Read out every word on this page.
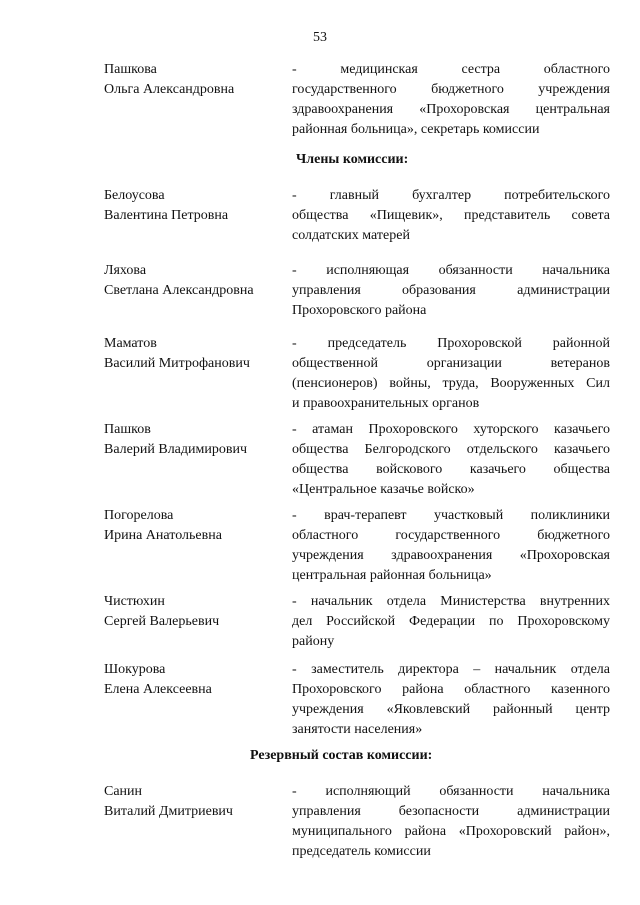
53
Пашкова
Ольга Александровна
- медицинская сестра областного
государственного бюджетного учреждения
здравоохранения «Прохоровская центральная
районная больница», секретарь комиссии
Члены комиссии:
Белоусова
Валентина Петровна
- главный бухгалтер потребительского
общества «Пищевик», представитель совета
солдатских матерей
Ляхова
Светлана Александровна
- исполняющая обязанности начальника
управления образования администрации
Прохоровского района
Маматов
Василий Митрофанович
- председатель Прохоровской районной
общественной организации ветеранов
(пенсионеров) войны, труда, Вооруженных Сил
и правоохранительных органов
Пашков
Валерий Владимирович
- атаман Прохоровского хуторского казачьего
общества Белгородского отдельского казачьего
общества войскового казачьего общества
«Центральное казачье войско»
Погорелова
Ирина Анатольевна
- врач-терапевт участковый поликлиники
областного государственного бюджетного
учреждения здравоохранения «Прохоровская
центральная районная больница»
Чистюхин
Сергей Валерьевич
- начальник отдела Министерства внутренних
дел Российской Федерации по Прохоровскому
району
Шокурова
Елена Алексеевна
- заместитель директора – начальник отдела
Прохоровского района областного казенного
учреждения «Яковлевский районный центр
занятости населения»
Резервный состав комиссии:
Санин
Виталий Дмитриевич
- исполняющий обязанности начальника
управления безопасности администрации
муниципального района «Прохоровский район»,
председатель комиссии
